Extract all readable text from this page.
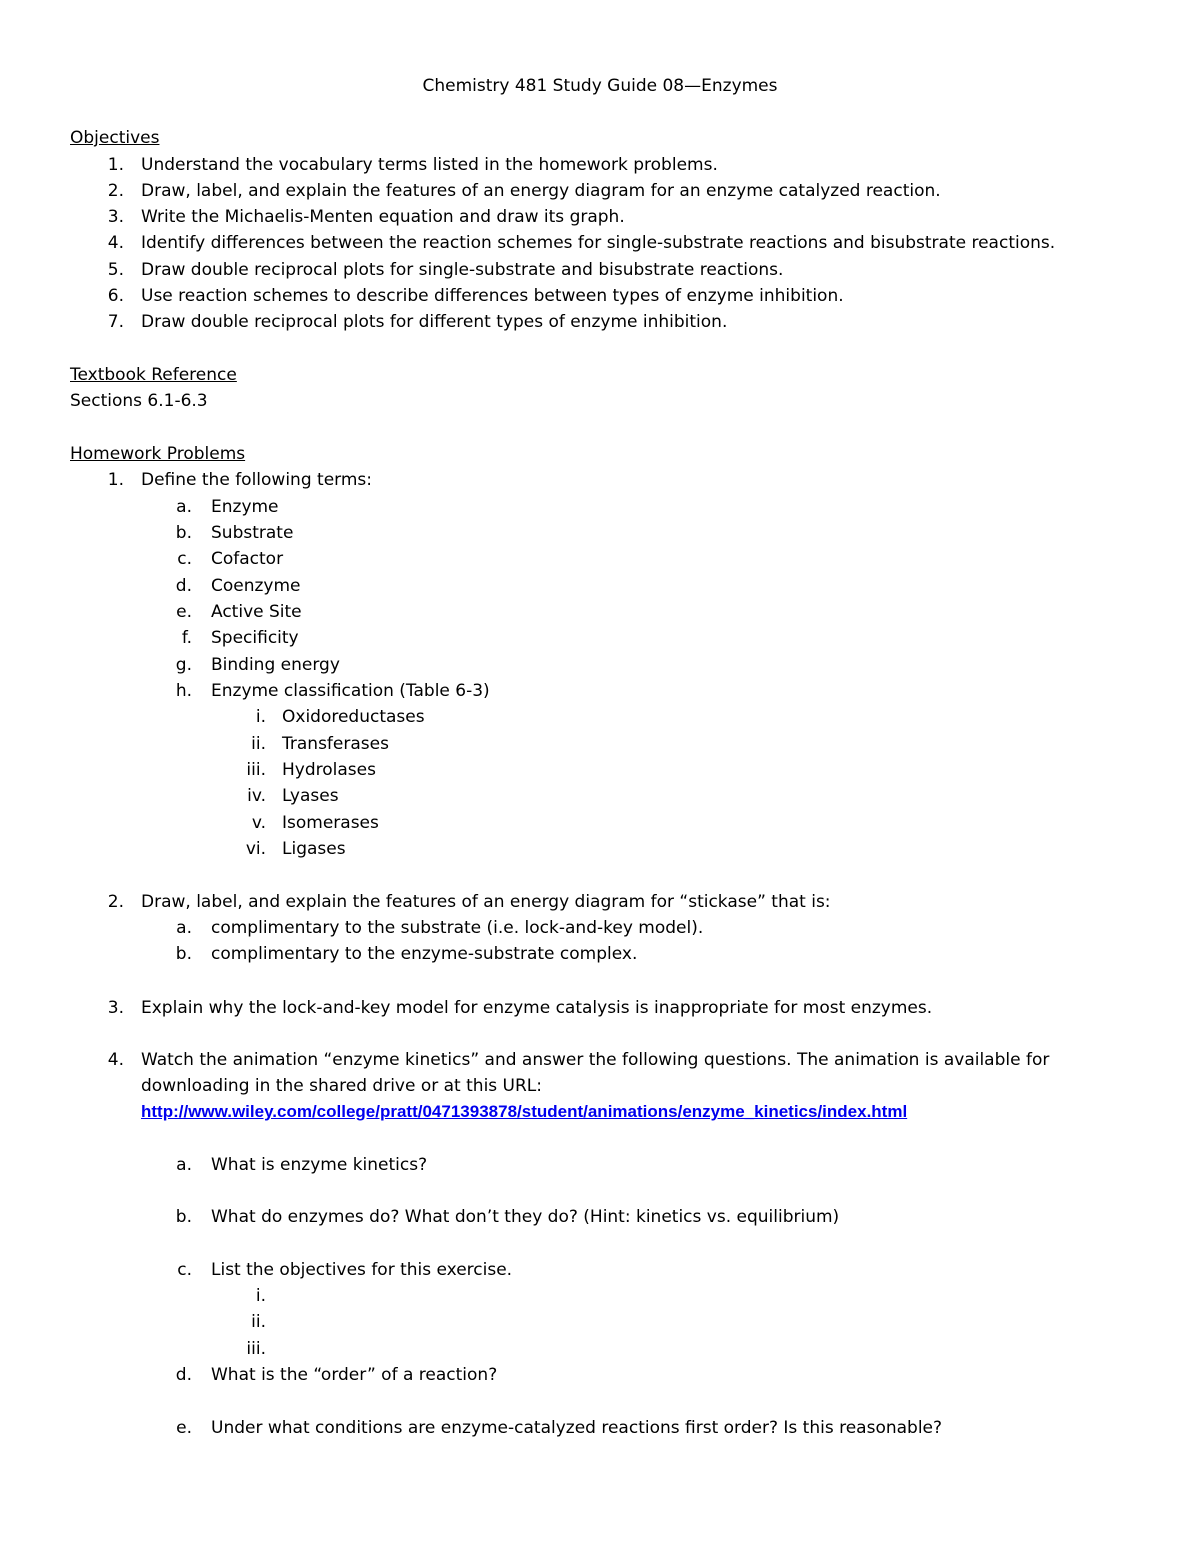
Chemistry 481 Study Guide 08—Enzymes
Objectives
1. Understand the vocabulary terms listed in the homework problems.
2. Draw, label, and explain the features of an energy diagram for an enzyme catalyzed reaction.
3. Write the Michaelis-Menten equation and draw its graph.
4. Identify differences between the reaction schemes for single-substrate reactions and bisubstrate reactions.
5. Draw double reciprocal plots for single-substrate and bisubstrate reactions.
6. Use reaction schemes to describe differences between types of enzyme inhibition.
7. Draw double reciprocal plots for different types of enzyme inhibition.
Textbook Reference
Sections 6.1-6.3
Homework Problems
1. Define the following terms:
a. Enzyme
b. Substrate
c. Cofactor
d. Coenzyme
e. Active Site
f. Specificity
g. Binding energy
h. Enzyme classification (Table 6-3)
i. Oxidoreductases
ii. Transferases
iii. Hydrolases
iv. Lyases
v. Isomerases
vi. Ligases
2. Draw, label, and explain the features of an energy diagram for “stickase” that is:
a. complimentary to the substrate (i.e. lock-and-key model).
b. complimentary to the enzyme-substrate complex.
3. Explain why the lock-and-key model for enzyme catalysis is inappropriate for most enzymes.
4. Watch the animation “enzyme kinetics” and answer the following questions. The animation is available for
downloading in the shared drive or at this URL:
http://www.wiley.com/college/pratt/0471393878/student/animations/enzyme_kinetics/index.html
a. What is enzyme kinetics?
b. What do enzymes do? What don’t they do? (Hint: kinetics vs. equilibrium)
c. List the objectives for this exercise.
i.
ii.
iii.
d. What is the “order” of a reaction?
e. Under what conditions are enzyme-catalyzed reactions first order? Is this reasonable?
